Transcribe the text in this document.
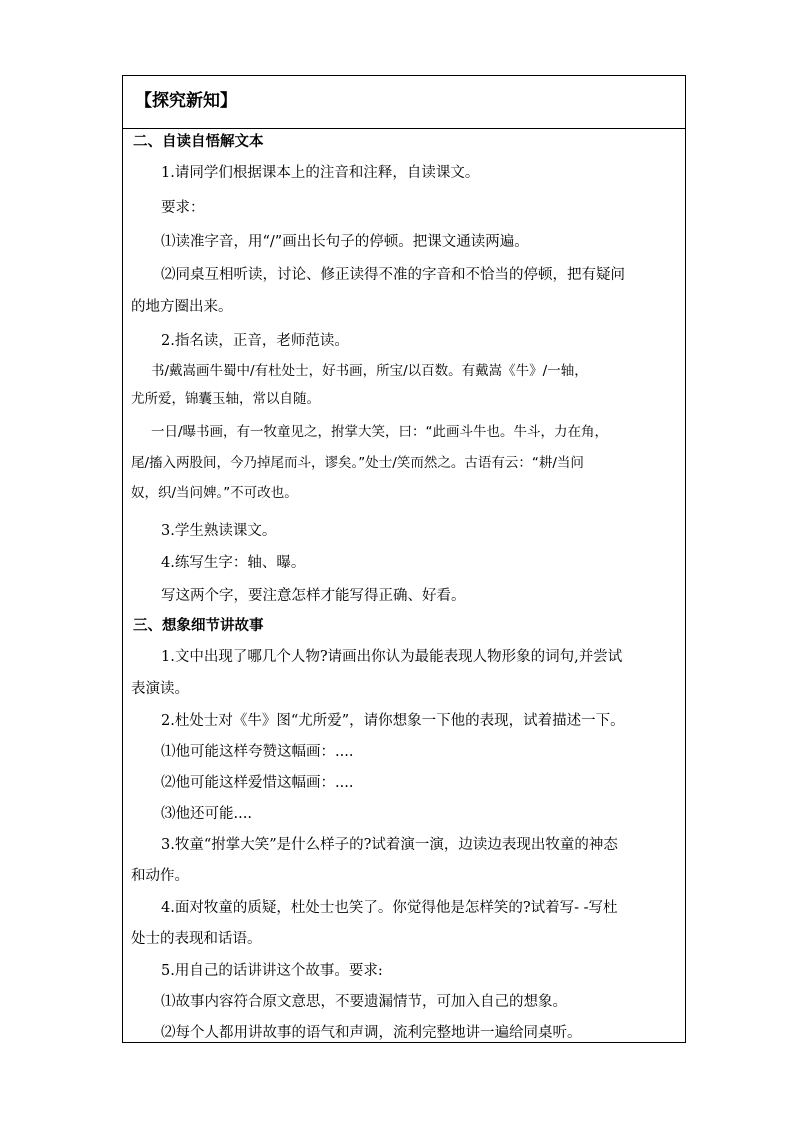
【探究新知】
二、自读自悟解文本
1.请同学们根据课本上的注音和注释，自读课文。
要求：
⑴读准字音，用“/”画出长句子的停顿。把课文通读两遍。
⑵同桌互相听读，讨论、修正读得不准的字音和不恰当的停顿，把有疑问
的地方圈出来。
2.指名读，正音，老师范读。
书/戴嵩画牛蜀中/有杜处士，好书画，所宝/以百数。有戴嵩《牛》/一轴，
尤所爱，锦囊玉轴，常以自随。
一日/曝书画，有一牧童见之，拊掌大笑，曰：“此画斗牛也。牛斗，力在角，
尾/搐入两股间，今乃掉尾而斗，谬矣。”处士/笑而然之。古语有云：“耕/当问
奴，织/当问婢。”不可改也。
3.学生熟读课文。
4.练写生字：轴、曝。
写这两个字，要注意怎样才能写得正确、好看。
三、想象细节讲故事
1.文中出现了哪几个人物?请画出你认为最能表现人物形象的词句,并尝试
表演读。
2.杜处士对《牛》图“尤所爱”，请你想象一下他的表现，试着描述一下。
⑴他可能这样夸赞这幅画：....
⑵他可能这样爱惜这幅画：....
⑶他还可能....
3.牧童“拊掌大笑”是什么样子的?试着演一演，边读边表现出牧童的神态
和动作。
4.面对牧童的质疑，杜处士也笑了。你觉得他是怎样笑的?试着写- -写杜
处士的表现和话语。
5.用自己的话讲讲这个故事。要求:
⑴故事内容符合原文意思，不要遗漏情节，可加入自己的想象。
⑵每个人都用讲故事的语气和声调，流利完整地讲一遍给同桌听。
